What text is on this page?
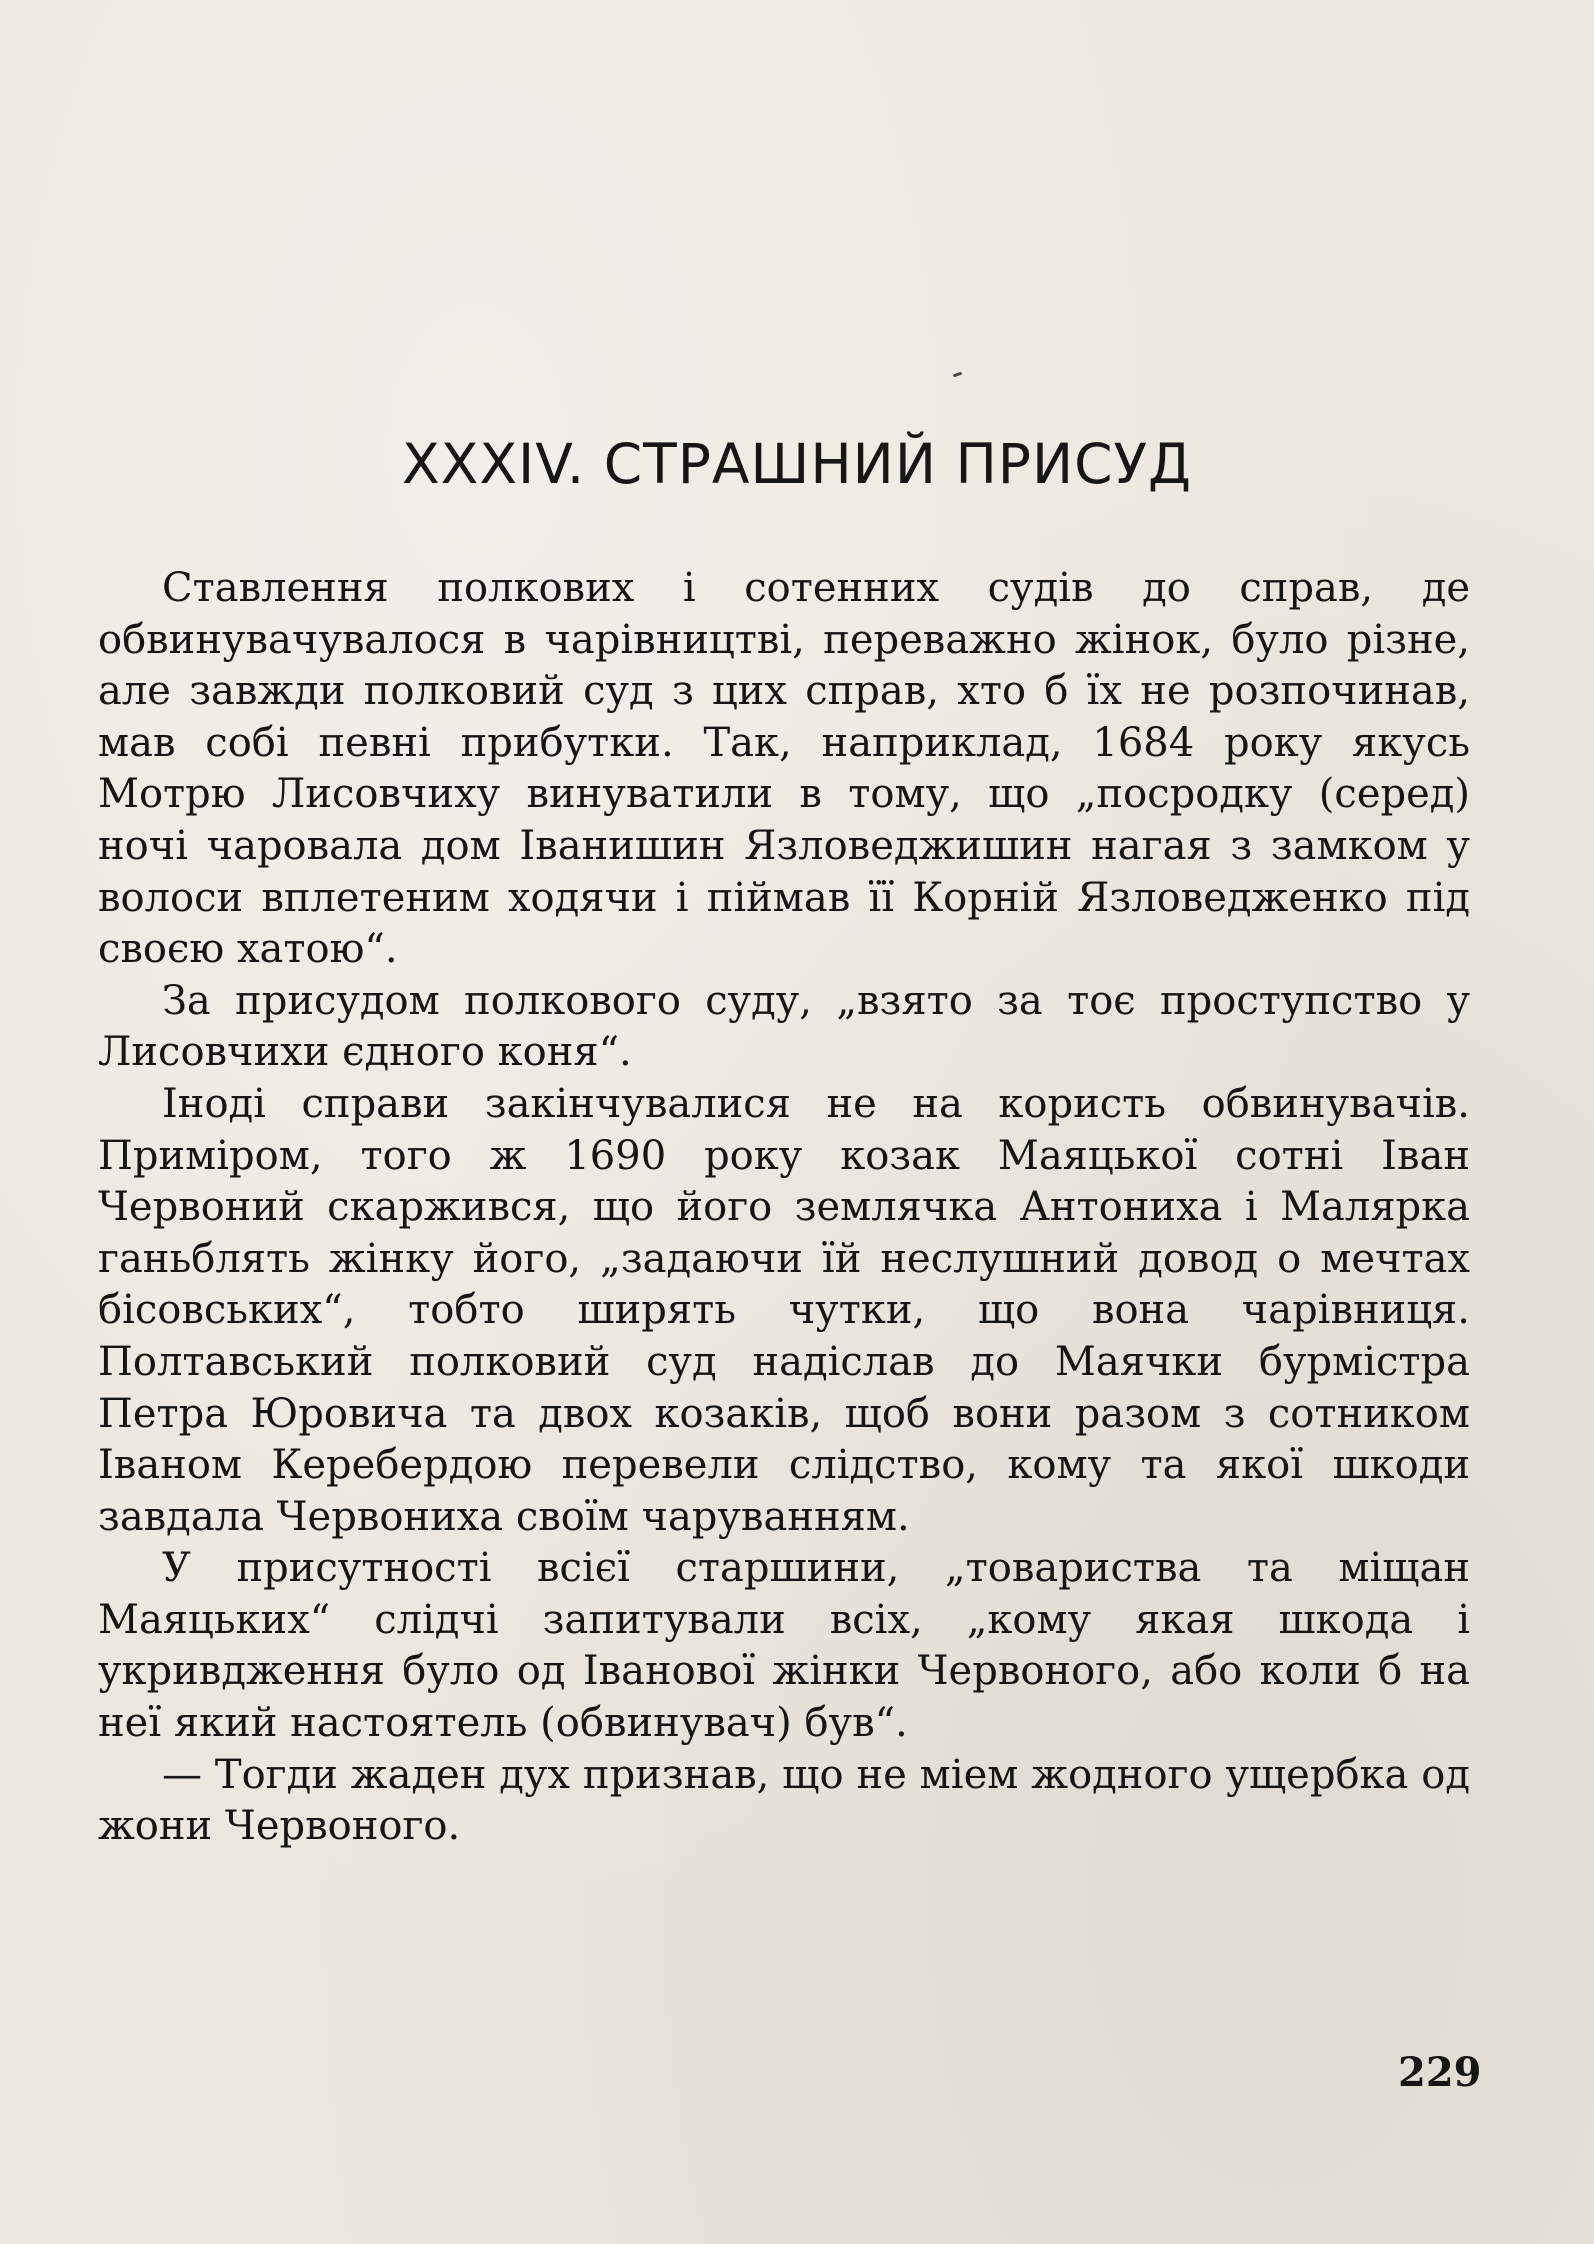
XXXIV. СТРАШНИЙ ПРИСУД

Ставлення полкових і сотенних судів до справ, де обвинувачувалося в чарівництві, переважно жінок, було різне, але завжди полковий суд з цих справ, хто б їх не розпочинав, мав собі певні прибутки. Так, наприклад, 1684 року якусь Мотрю Лисовчиху винуватили в тому, що „посродку (серед) ночі чаровала дом Іванишин Язловеджишин нагая з замком у волоси вплетеним ходячи і піймав її Корній Язловедженко під своєю хатою“.

За присудом полкового суду, „взято за тоє проступство у Лисовчихи єдного коня“.

Іноді справи закінчувалися не на користь обвинувачів. Приміром, того ж 1690 року козак Маяцької сотні Іван Червоний скаржився, що його землячка Антониха і Малярка ганьблять жінку його, „задаючи їй неслушний довод о мечтах бісовських“, тобто ширять чутки, що вона чарівниця. Полтавський полковий суд надіслав до Маячки бурмістра Петра Юровича та двох козаків, щоб вони разом з сотником Іваном Керебердою перевели слідство, кому та якої шкоди завдала Червониха своїм чаруванням.

У присутності всієї старшини, „товариства та міщан Маяцьких“ слідчі запитували всіх, „кому якая шкода і укривдження було од Іванової жінки Червоного, або коли б на неї який настоятель (обвинувач) був“.

— Тогди жаден дух признав, що не міем жодного ущербка од жони Червоного.

229
